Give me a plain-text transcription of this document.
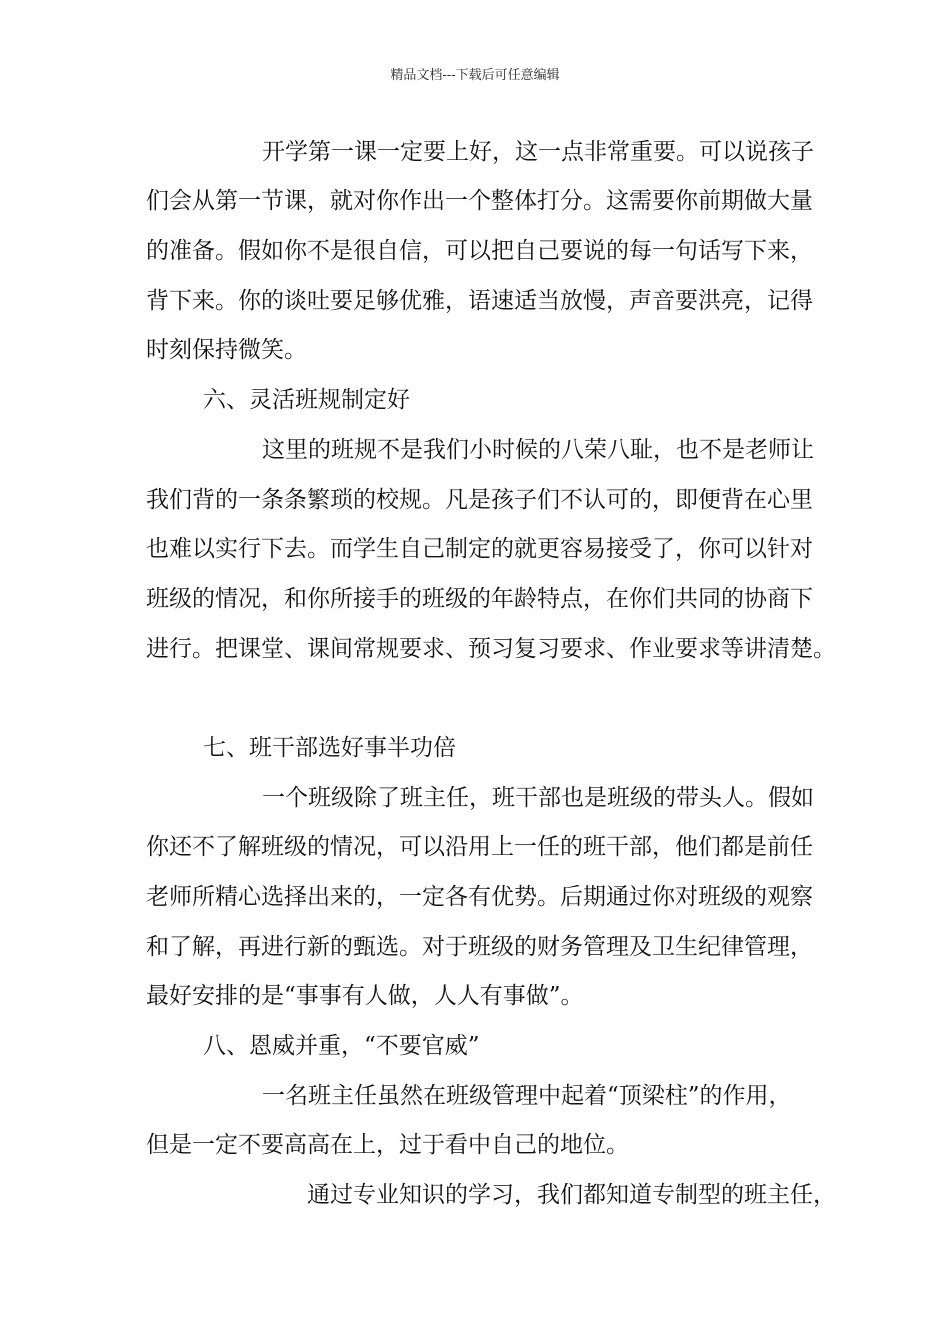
精品文档---下载后可任意编辑
开学第一课一定要上好，这一点非常重要。可以说孩子
们会从第一节课，就对你作出一个整体打分。这需要你前期做大量
的准备。假如你不是很自信，可以把自己要说的每一句话写下来，
背下来。你的谈吐要足够优雅，语速适当放慢，声音要洪亮，记得
时刻保持微笑。
六、灵活班规制定好
这里的班规不是我们小时候的八荣八耻，也不是老师让
我们背的一条条繁琐的校规。凡是孩子们不认可的，即便背在心里
也难以实行下去。而学生自己制定的就更容易接受了，你可以针对
班级的情况，和你所接手的班级的年龄特点，在你们共同的协商下
进行。把课堂、课间常规要求、预习复习要求、作业要求等讲清楚。
七、班干部选好事半功倍
一个班级除了班主任，班干部也是班级的带头人。假如
你还不了解班级的情况，可以沿用上一任的班干部，他们都是前任
老师所精心选择出来的，一定各有优势。后期通过你对班级的观察
和了解，再进行新的甄选。对于班级的财务管理及卫生纪律管理，
最好安排的是“事事有人做，人人有事做”。
八、恩威并重，“不要官威”
一名班主任虽然在班级管理中起着“顶梁柱”的作用，
但是一定不要高高在上，过于看中自己的地位。
通过专业知识的学习，我们都知道专制型的班主任，
